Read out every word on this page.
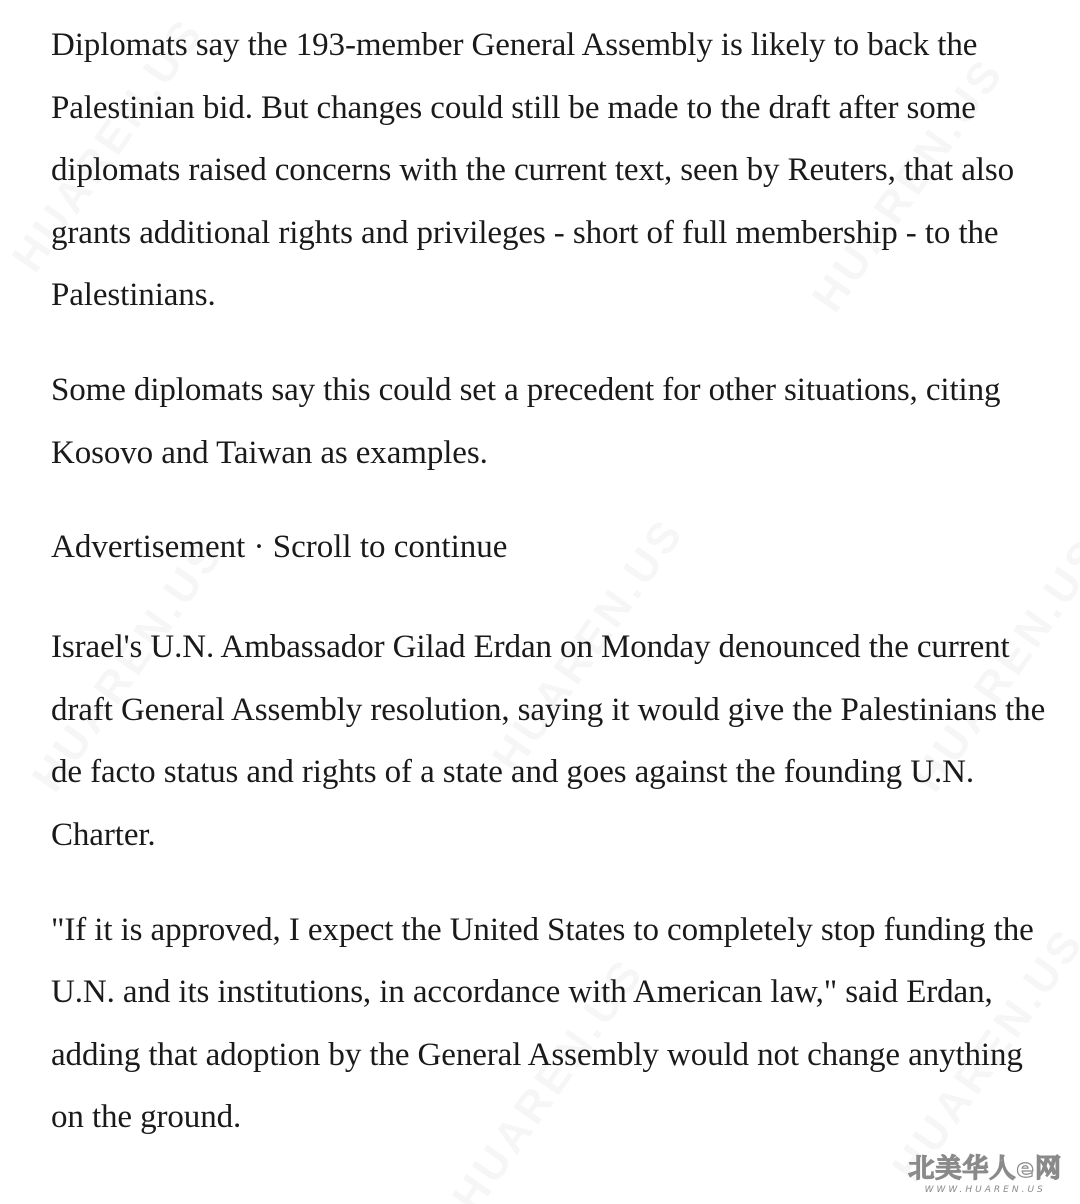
Diplomats say the 193-member General Assembly is likely to back the Palestinian bid. But changes could still be made to the draft after some diplomats raised concerns with the current text, seen by Reuters, that also grants additional rights and privileges - short of full membership - to the Palestinians.

Some diplomats say this could set a precedent for other situations, citing Kosovo and Taiwan as examples.

Advertisement · Scroll to continue

Israel's U.N. Ambassador Gilad Erdan on Monday denounced the current draft General Assembly resolution, saying it would give the Palestinians the de facto status and rights of a state and goes against the founding U.N. Charter.

"If it is approved, I expect the United States to completely stop funding the U.N. and its institutions, in accordance with American law," said Erdan, adding that adoption by the General Assembly would not change anything on the ground.

北美华人e网
WWW.HUAREN.US
